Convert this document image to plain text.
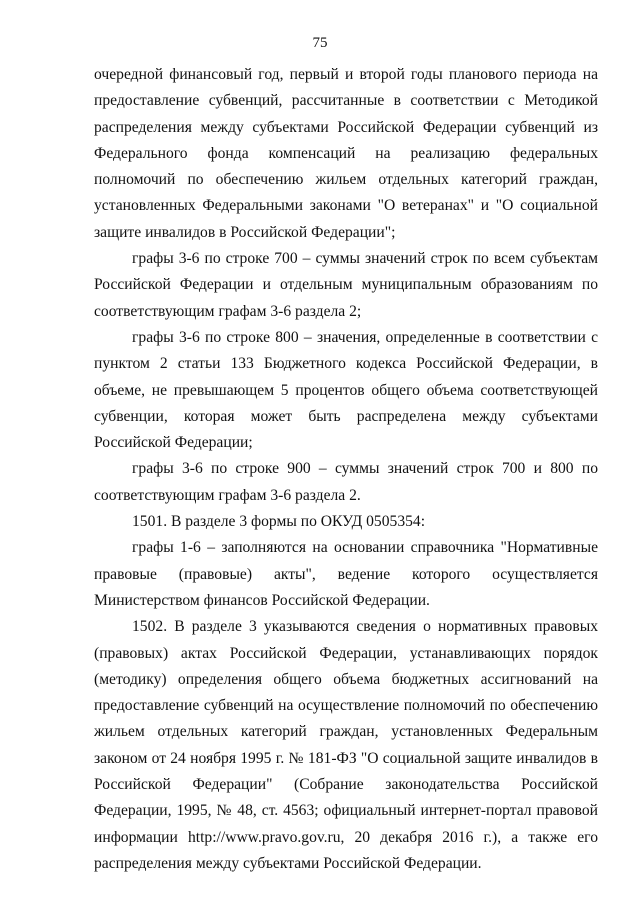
75

очередной финансовый год, первый и второй годы планового периода на предоставление субвенций, рассчитанные в соответствии с Методикой распределения между субъектами Российской Федерации субвенций из Федерального фонда компенсаций на реализацию федеральных полномочий по обеспечению жильем отдельных категорий граждан, установленных Федеральными законами "О ветеранах" и "О социальной защите инвалидов в Российской Федерации";

графы 3-6 по строке 700 – суммы значений строк по всем субъектам Российской Федерации и отдельным муниципальным образованиям по соответствующим графам 3-6 раздела 2;

графы 3-6 по строке 800 – значения, определенные в соответствии с пунктом 2 статьи 133 Бюджетного кодекса Российской Федерации, в объеме, не превышающем 5 процентов общего объема соответствующей субвенции, которая может быть распределена между субъектами Российской Федерации;

графы 3-6 по строке 900 – суммы значений строк 700 и 800 по соответствующим графам 3-6 раздела 2.

1501. В разделе 3 формы по ОКУД 0505354:

графы 1-6 – заполняются на основании справочника "Нормативные правовые (правовые) акты", ведение которого осуществляется Министерством финансов Российской Федерации.

1502. В разделе 3 указываются сведения о нормативных правовых (правовых) актах Российской Федерации, устанавливающих порядок (методику) определения общего объема бюджетных ассигнований на предоставление субвенций на осуществление полномочий по обеспечению жильем отдельных категорий граждан, установленных Федеральным законом от 24 ноября 1995 г. № 181-ФЗ "О социальной защите инвалидов в Российской Федерации" (Собрание законодательства Российской Федерации, 1995, № 48, ст. 4563; официальный интернет-портал правовой информации http://www.pravo.gov.ru, 20 декабря 2016 г.), а также его распределения между субъектами Российской Федерации.
